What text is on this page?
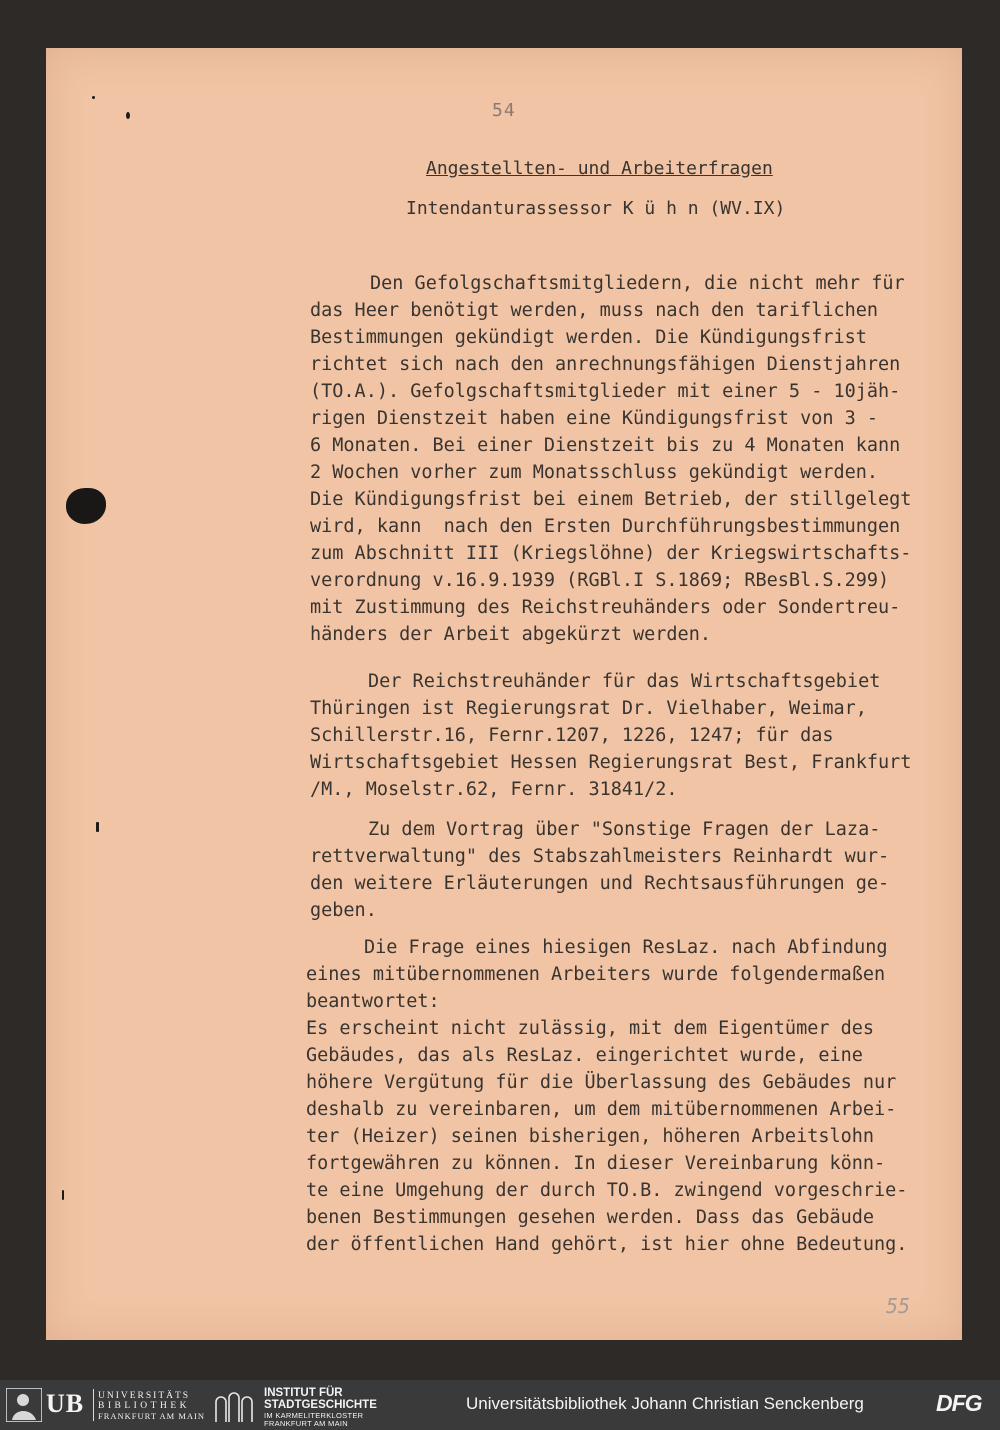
54
Angestellten- und Arbeiterfragen
Intendanturassessor K ü h n (WV.IX)
Den Gefolgschaftsmitgliedern, die nicht mehr für
das Heer benötigt werden, muss nach den tariflichen
Bestimmungen gekündigt werden. Die Kündigungsfrist
richtet sich nach den anrechnungsfähigen Dienstjahren
(TO.A.). Gefolgschaftsmitglieder mit einer 5 - 10jäh-
rigen Dienstzeit haben eine Kündigungsfrist von 3 -
6 Monaten. Bei einer Dienstzeit bis zu 4 Monaten kann
2 Wochen vorher zum Monatsschluss gekündigt werden.
Die Kündigungsfrist bei einem Betrieb, der stillgelegt
wird, kann  nach den Ersten Durchführungsbestimmungen
zum Abschnitt III (Kriegslöhne) der Kriegswirtschafts-
verordnung v.16.9.1939 (RGBl.I S.1869; RBesBl.S.299)
mit Zustimmung des Reichstreuhänders oder Sondertreu-
händers der Arbeit abgekürzt werden.
Der Reichstreuhänder für das Wirtschaftsgebiet
Thüringen ist Regierungsrat Dr. Vielhaber, Weimar,
Schillerstr.16, Fernr.1207, 1226, 1247; für das
Wirtschaftsgebiet Hessen Regierungsrat Best, Frankfurt
/M., Moselstr.62, Fernr. 31841/2.
Zu dem Vortrag über "Sonstige Fragen der Laza-
rettverwaltung" des Stabszahlmeisters Reinhardt wur-
den weitere Erläuterungen und Rechtsausführungen ge-
geben.
Die Frage eines hiesigen ResLaz. nach Abfindung
eines mitübernommenen Arbeiters wurde folgendermaßen
beantwortet:
Es erscheint nicht zulässig, mit dem Eigentümer des
Gebäudes, das als ResLaz. eingerichtet wurde, eine
höhere Vergütung für die Überlassung des Gebäudes nur
deshalb zu vereinbaren, um dem mitübernommenen Arbei-
ter (Heizer) seinen bisherigen, höheren Arbeitslohn
fortgewähren zu können. In dieser Vereinbarung könn-
te eine Umgehung der durch TO.B. zwingend vorgeschrie-
benen Bestimmungen gesehen werden. Dass das Gebäude
der öffentlichen Hand gehört, ist hier ohne Bedeutung.
55
UB UNIVERSITÄTS
BIBLIOTHEK
FRANKFURT AM MAIN
INSTITUT FÜR
STADTGESCHICHTE
IM KARMELITERKLOSTER
FRANKFURT AM MAIN
Universitätsbibliothek Johann Christian Senckenberg	DFG
